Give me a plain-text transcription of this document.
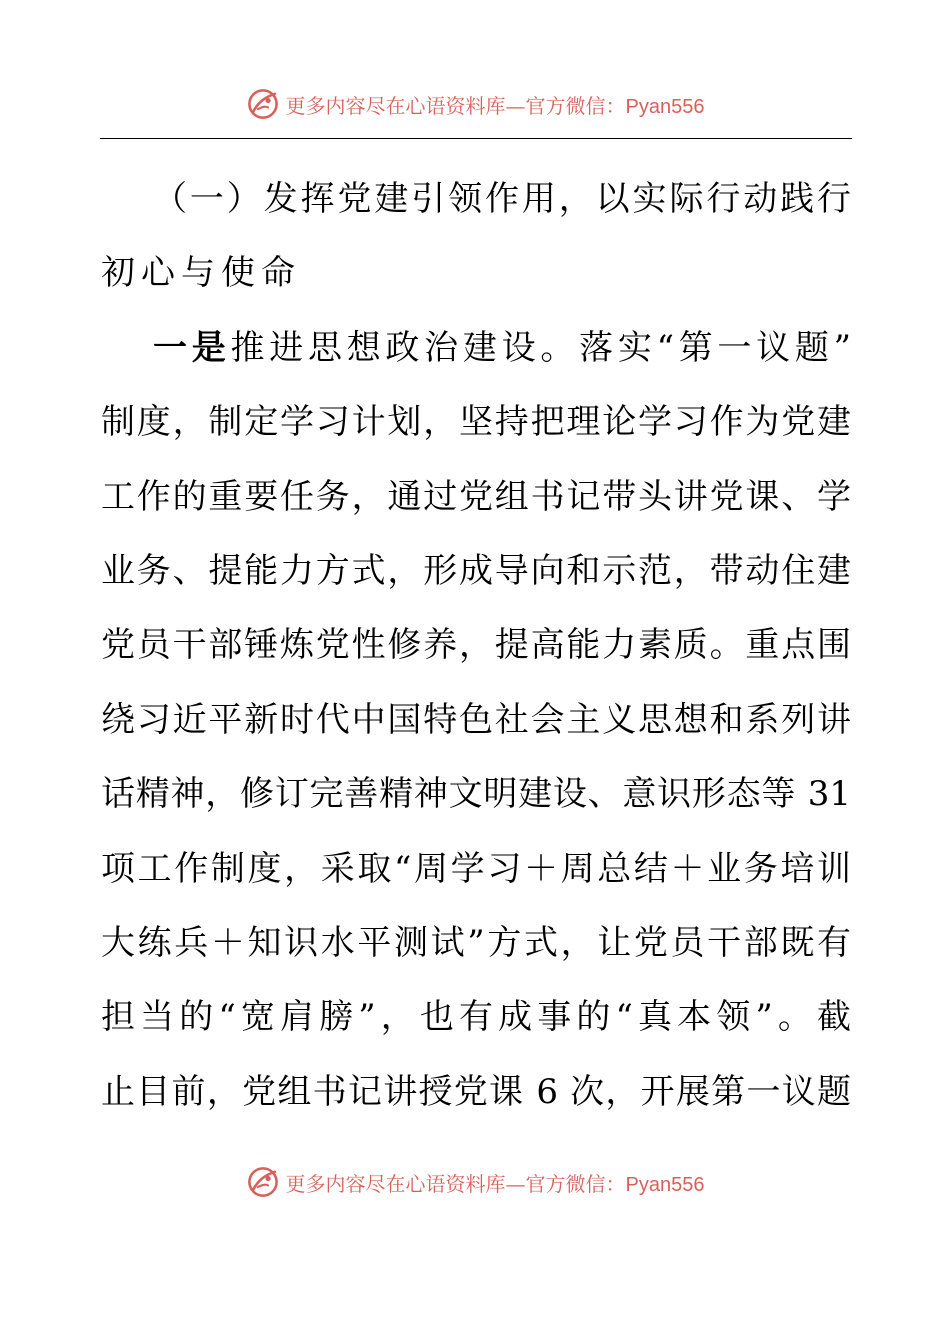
更多内容尽在心语资料库—官方微信：Pyan556
（一）发挥党建引领作用，以实际行动践行
初心与使命
一是推进思想政治建设。落实“第一议题”
制度，制定学习计划，坚持把理论学习作为党建
工作的重要任务，通过党组书记带头讲党课、学
业务、提能力方式，形成导向和示范，带动住建
党员干部锤炼党性修养，提高能力素质。重点围
绕习近平新时代中国特色社会主义思想和系列讲
话精神，修订完善精神文明建设、意识形态等 31
项工作制度，采取“周学习＋周总结＋业务培训
大练兵＋知识水平测试”方式，让党员干部既有
担当的“宽肩膀”，也有成事的“真本领”。截
止目前，党组书记讲授党课 6 次，开展第一议题
更多内容尽在心语资料库—官方微信：Pyan556
